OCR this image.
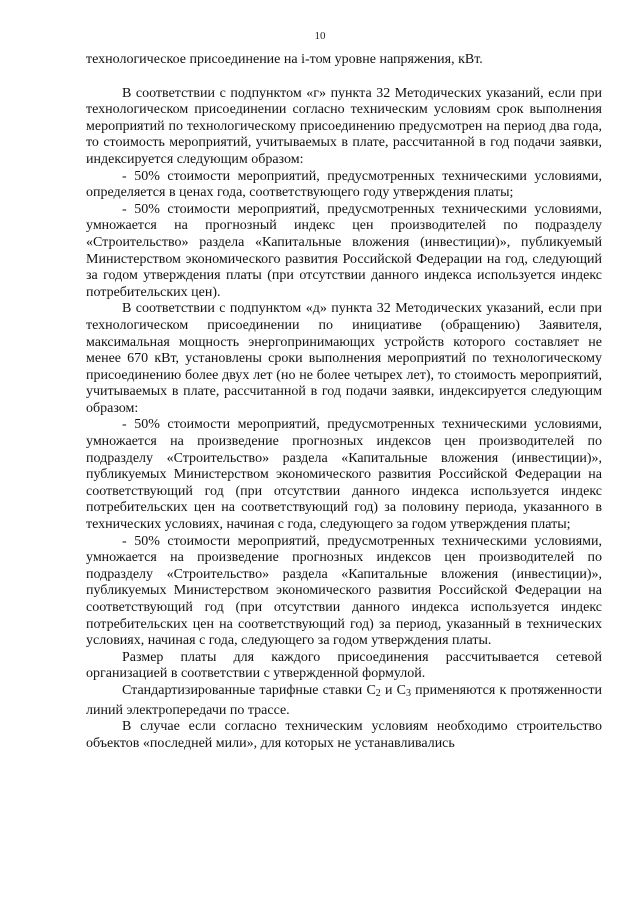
10

технологическое присоединение на i-том уровне напряжения, кВт.

В соответствии с подпунктом «г» пункта 32 Методических указаний, если при технологическом присоединении согласно техническим условиям срок выполнения мероприятий по технологическому присоединению предусмотрен на период два года, то стоимость мероприятий, учитываемых в плате, рассчитанной в год подачи заявки, индексируется следующим образом:

- 50% стоимости мероприятий, предусмотренных техническими условиями, определяется в ценах года, соответствующего году утверждения платы;

- 50% стоимости мероприятий, предусмотренных техническими условиями, умножается на прогнозный индекс цен производителей по подразделу «Строительство» раздела «Капитальные вложения (инвестиции)», публикуемый Министерством экономического развития Российской Федерации на год, следующий за годом утверждения платы (при отсутствии данного индекса используется индекс потребительских цен).

В соответствии с подпунктом «д» пункта 32 Методических указаний, если при технологическом присоединении по инициативе (обращению) Заявителя, максимальная мощность энергопринимающих устройств которого составляет не менее 670 кВт, установлены сроки выполнения мероприятий по технологическому присоединению более двух лет (но не более четырех лет), то стоимость мероприятий, учитываемых в плате, рассчитанной в год подачи заявки, индексируется следующим образом:

- 50% стоимости мероприятий, предусмотренных техническими условиями, умножается на произведение прогнозных индексов цен производителей по подразделу «Строительство» раздела «Капитальные вложения (инвестиции)», публикуемых Министерством экономического развития Российской Федерации на соответствующий год (при отсутствии данного индекса используется индекс потребительских цен на соответствующий год) за половину периода, указанного в технических условиях, начиная с года, следующего за годом утверждения платы;

- 50% стоимости мероприятий, предусмотренных техническими условиями, умножается на произведение прогнозных индексов цен производителей по подразделу «Строительство» раздела «Капитальные вложения (инвестиции)», публикуемых Министерством экономического развития Российской Федерации на соответствующий год (при отсутствии данного индекса используется индекс потребительских цен на соответствующий год) за период, указанный в технических условиях, начиная с года, следующего за годом утверждения платы.

Размер платы для каждого присоединения рассчитывается сетевой организацией в соответствии с утвержденной формулой.

Стандартизированные тарифные ставки $С_2$ и $С_3$ применяются к протяженности линий электропередачи по трассе.

В случае если согласно техническим условиям необходимо строительство объектов «последней мили», для которых не устанавливались
